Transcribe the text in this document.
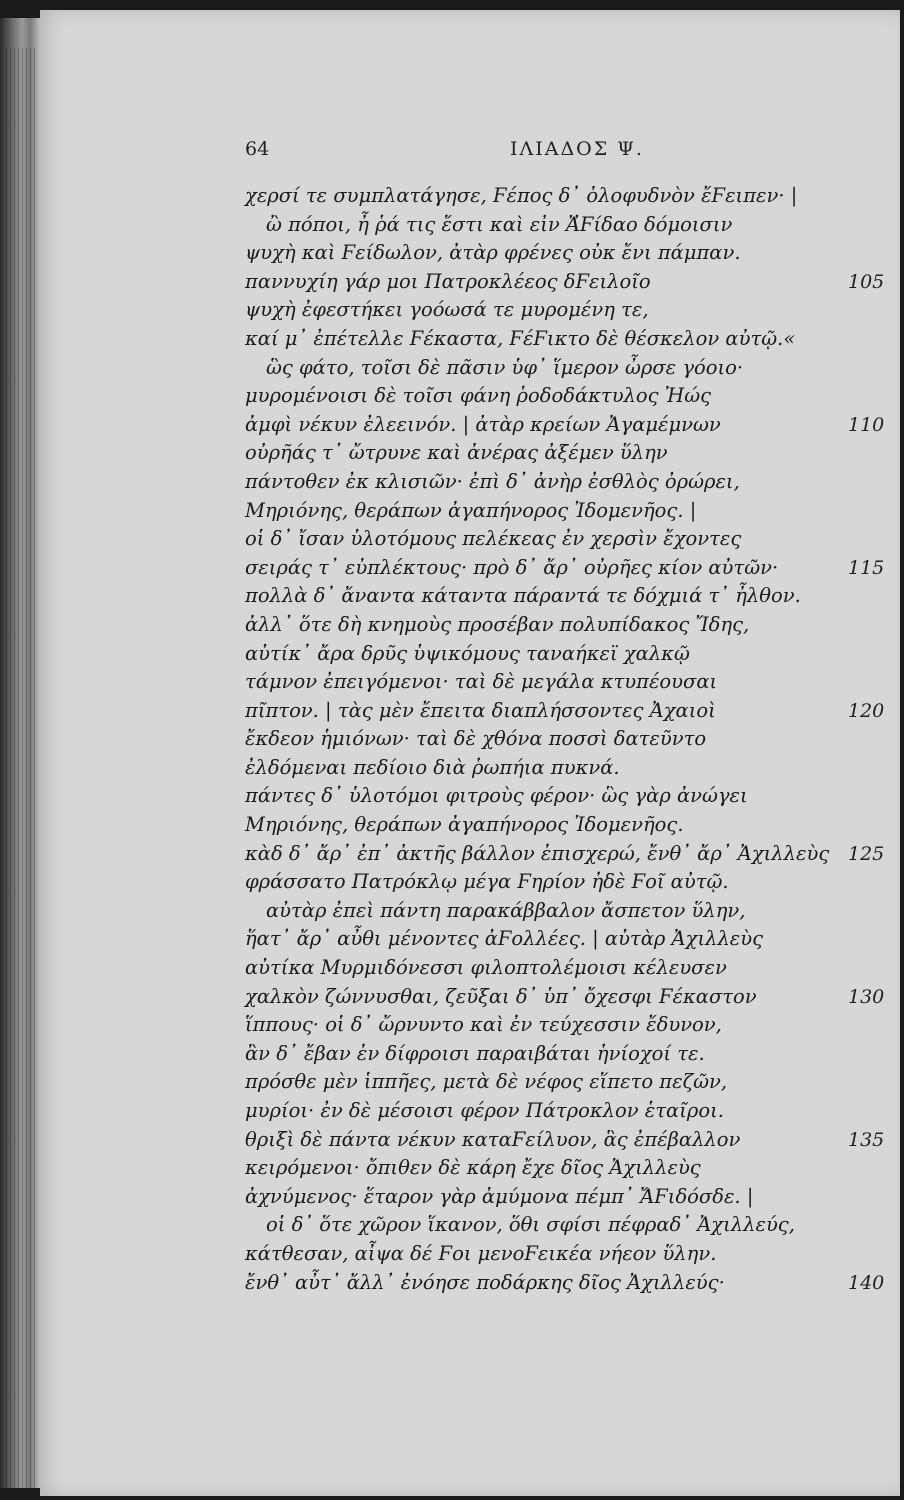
64	ΙΛΙΑΔΟΣ Ψ.
χερσί τε συμπλατάγησε, Ϝέπος δ᾽ ὀλοφυδνὸν ἔϜειπεν· |
ὢ πόποι, ἦ ῥά τις ἔστι καὶ εἰν Ἀ̓Ϝίδαο δόμοισιν
ψυχὴ καὶ Ϝείδωλον, ἀτὰρ φρένες οὐκ ἔνι πάμπαν.
παννυχίη γάρ μοι Πατροκλέεος δϜειλοῖο	105
ψυχὴ ἐφεστήκει γοόωσά τε μυρομένη τε,
καί μ᾽ ἐπέτελλε Ϝέκαστα, ϜέϜικτο δὲ θέσκελον αὐτῷ.«
ὣς φάτο, τοῖσι δὲ πᾶσιν ὑφ᾽ ἵμερον ὦρσε γόοιο·
μυρομένοισι δὲ τοῖσι φάνη ῥοδοδάκτυλος Ἠώς
ἀμφὶ νέκυν ἐλεεινόν. | ἀτὰρ κρείων Ἀγαμέμνων	110
οὐρῆάς τ᾽ ὤτρυνε καὶ ἀνέρας ἀξέμεν ὕλην
πάντοθεν ἐκ κλισιῶν· ἐπὶ δ᾽ ἀνὴρ ἐσθλὸς ὀρώρει,
Μηριόνης, θεράπων ἀγαπήνορος Ἰδομενῆος. |
οἱ δ᾽ ἴσαν ὑλοτόμους πελέκεας ἐν χερσὶν ἔχοντες
σειράς τ᾽ εὐπλέκτους· πρὸ δ᾽ ἄρ᾽ οὐρῆες κίον αὐτῶν·	115
πολλὰ δ᾽ ἄναντα κάταντα πάραντά τε δόχμιά τ᾽ ἦλθον.
ἀλλ᾽ ὅτε δὴ κνημοὺς προσέβαν πολυπίδακος Ἴδης,
αὐτίκ᾽ ἄρα δρῦς ὑψικόμους ταναήκεϊ χαλκῷ
τάμνον ἐπειγόμενοι· ταὶ δὲ μεγάλα κτυπέουσαι
πῖπτον. | τὰς μὲν ἔπειτα διαπλήσσοντες Ἀχαιοὶ	120
ἔκδεον ἡμιόνων· ταὶ δὲ χθόνα ποσσὶ δατεῦντο
ἐλδόμεναι πεδίοιο διὰ ῥωπήια πυκνά.
πάντες δ᾽ ὑλοτόμοι φιτροὺς φέρον· ὣς γὰρ ἀνώγει
Μηριόνης, θεράπων ἀγαπήνορος Ἰδομενῆος.
κὰδ δ᾽ ἄρ᾽ ἐπ᾽ ἀκτῆς βάλλον ἐπισχερώ, ἔνθ᾽ ἄρ᾽ Ἀχιλλεὺς 125
φράσσατο Πατρόκλῳ μέγα Ϝηρίον ἠδὲ Ϝοῖ αὐτῷ.
αὐτὰρ ἐπεὶ πάντη παρακάββαλον ἄσπετον ὕλην,
ἥατ᾽ ἄρ᾽ αὖθι μένοντες ἀϜολλέες. | αὐτὰρ Ἀχιλλεὺς
αὐτίκα Μυρμιδόνεσσι φιλοπτολέμοισι κέλευσεν
χαλκὸν ζώννυσθαι, ζεῦξαι δ᾽ ὑπ᾽ ὄχεσφι Ϝέκαστον	130
ἵππους· οἱ δ᾽ ὤρνυντο καὶ ἐν τεύχεσσιν ἔδυνον,
ἂν δ᾽ ἔβαν ἐν δίφροισι παραιβάται ἡνίοχοί τε.
πρόσθε μὲν ἱππῆες, μετὰ δὲ νέφος εἵπετο πεζῶν,
μυρίοι· ἐν δὲ μέσοισι φέρον Πάτροκλον ἑταῖροι.
θριξὶ δὲ πάντα νέκυν καταϜείλυον, ἃς ἐπέβαλλον	135
κειρόμενοι· ὄπιθεν δὲ κάρη ἔχε δῖος Ἀχιλλεὺς
ἀχνύμενος· ἕταρον γὰρ ἀμύμονα πέμπ᾽ ἌϜιδόσδε. |
οἱ δ᾽ ὅτε χῶρον ἵκανον, ὅθι σφίσι πέφραδ᾽ Ἀχιλλεύς,
κάτθεσαν, αἶψα δέ Ϝοι μενοϜεικέα νήεον ὕλην.
ἔνθ᾽ αὖτ᾽ ἄλλ᾽ ἐνόησε ποδάρκης δῖος Ἀχιλλεύς·	140
